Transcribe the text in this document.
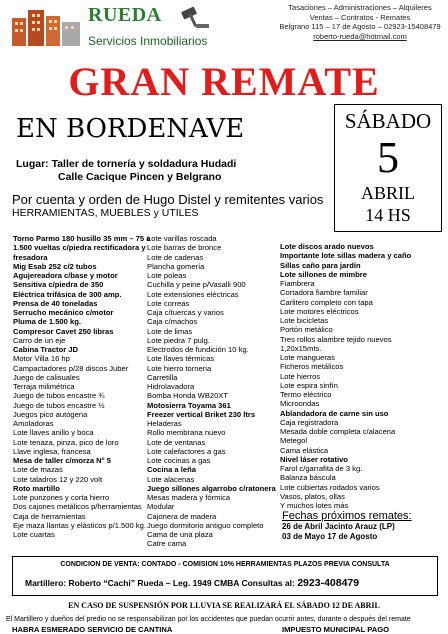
RUEDA
Servicios Inmobiliarios
Tasaciones – Administraciones – Alquileres
Ventas – Contratos - Remates
Belgrano 115 – 17 de Agosto – 02923-15408479
roberto-rueda@hotmail.com
GRAN REMATE
EN BORDENAVE	SÁBADO
5
ABRIL
14 HS
Lugar: Taller de tornería y soldadura Hudadi
Calle Cacique Pincen y Belgrano
Por cuenta y orden de Hugo Distel y remitentes varios
HERRAMIENTAS, MUEBLES y UTILES
Torno Parmo 180 husillo 35 mm – 75 a
1.500 vueltas c/piedra rectificadora y
fresadora
Mig Esab 252 c/2 tubos
Agujereadora c/base y motor
Sensitiva c/piedra de 350
Eléctrica trifásica de 300 amp.
Prensa de 40 toneladas
Serrucho mecánico c/motor
Pluma de 1.500 kg.
Compresor Cavet 250 libras
Carro de un eje
Cabina Tractor JD
Motor Villa 16 hp
Campactadores p/28 discos Juber
Juego de calisuales
Terraja milimétrica
Juego de tubos encastre ¾
Juego de tubos encastre ½
Juegos pico autógena
Amoladoras
Lote llaves anillo y boca
Lote tenaza, pinza, pico de loro
Llave inglesa, francesa
Mesa de taller c/morza N° 5
Lote de mazas
Lote taladros 12 y 220 volt
Roto martillo
Lote punzones y corta hierro
Dos cajones metálicos p/herramientas
Caja de herramientas
Eje maza llantas y elásticos p/1.500 kg.
Lote cuartas
Lote varillas roscada
Lote barras de bronce
Lote de cadenas
Plancha gomería
Lote poleas
Cuchilla y peine p/Vasalli 900
Lote extensiones eléctricas
Lote correas
Caja c/tuercas y varios
Caja c/machos
Lote de limas
Lote piedra 7 pulg.
Electrodos de fundición 10 kg.
Lote llaves térmicas
Lote hierro torneria
Carretilla
Hidrolavadora
Bomba Honda WB20XT
Motosierra Toyama 361
Freezer vertical Briket 230 ltrs
Heladeras
Rollo membrana nuevo
Lote de ventanas
Lote calefactores a gas
Lote cocinas a gas
Cocina a leña
Lote alacenas
Juego sillones algarrobo c/ratonera
Mesas madera y fórmica
Modular
Cajonera de madera
Juego dormitorio antiguo completo
Cama de una plaza
Catre cama
Lote discos arado nuevos
Importante lote sillas madera y caño
Sillas caño para jardín
Lote sillones de mimbre
Fiambrera
Cortadora fiambre familiar
Carlitero completo con tapa
Lote motores eléctricos
Lote bicicletas
Portón metálico
Tres rollos alambre tejido nuevos
1,20x15mts.
Lote mangueras
Ficheros metálicos
Lote hierros
Lote espira sinfín
Termo eléctrico
Microondas
Ablandadora de carne sin uso
Caja registradora
Mesada doble completa c/alacena
Metegol
Cama elástica
Nivel láser rotativo
Farol c/garrafita de 3 kg.
Balanza báscula
Lote cubiertas rodados varios
Vasos, platos, ollas
Y muchos lotes más
Fechas próximos remates:
26 de Abril Jacinto Arauz (LP)
03 de Mayo 17 de Agosto
CONDICION DE VENTA: CONTADO - COMISION 10% HERRAMIENTAS PLAZOS PREVIA CONSULTA
Martillero: Roberto “Cachi” Rueda – Leg. 1949 CMBA Consultas al: 2923-408479
EN CASO DE SUSPENSIÓN POR LLUVIA SE REALIZARÁ EL SÁBADO 12 DE ABRIL
El Martillero y dueños del predio no se responsabilizan por los accidentes que puedan ocurrir antes, durante o después del remate
HABRA ESMERADO SERVICIO DE CANTINA	IMPUESTO MUNICIPAL PAGO
